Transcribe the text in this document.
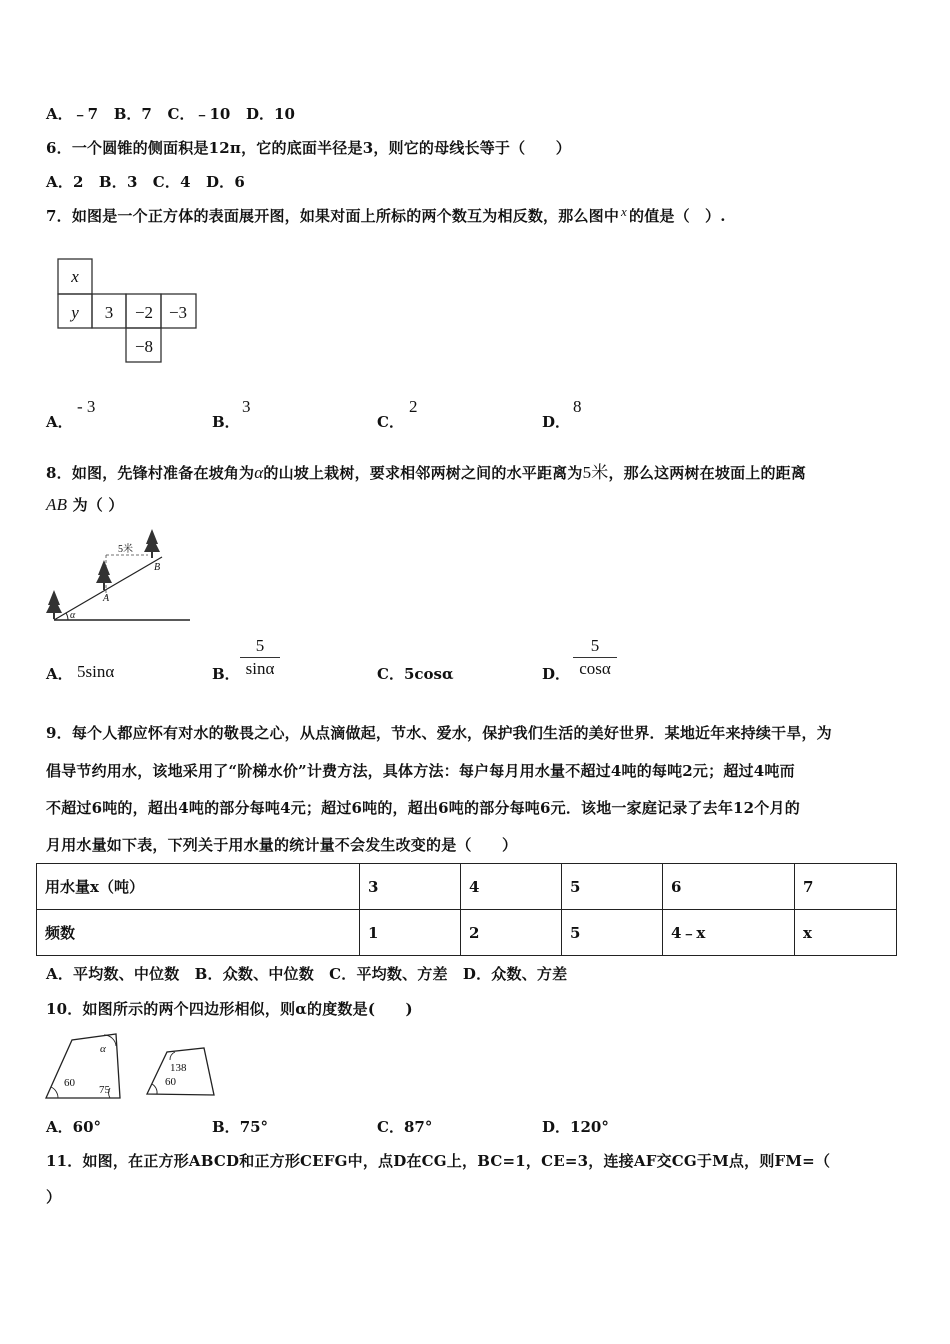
A．﹣7 B．7 C．﹣10 D．10
6．一个圆锥的侧面积是12π，它的底面半径是3，则它的母线长等于（　　）
A．2　B．3　C．4　D．6
7．如图是一个正方体的表面展开图，如果对面上所标的两个数互为相反数，那么图中 x 的值是（　）.
x
y 3 −2 −3
−8
A．
- 3
B．
3
C．
2
D．
8
8．如图，先锋村准备在坡角为α的山坡上栽树，要求相邻两树之间的水平距离为5米，那么这两树在坡面上的距离
AB 为（ ）
5米
A
B
α
A． 5sinα	B． $\frac{5}{\sin\alpha}$	C．5cosα	D． $\frac{5}{\cos\alpha}$
9．每个人都应怀有对水的敬畏之心，从点滴做起，节水、爱水，保护我们生活的美好世界．某地近年来持续干旱，为
倡导节约用水，该地采用了“阶梯水价”计费方法，具体方法：每户每月用水量不超过4吨的每吨2元；超过4吨而
不超过6吨的，超出4吨的部分每吨4元；超过6吨的，超出6吨的部分每吨6元．该地一家庭记录了去年12个月的
月用水量如下表，下列关于用水量的统计量不会发生改变的是（　　）
用水量x（吨）	3	4	5	6	7
频数	1	2	5	4﹣x	x
A．平均数、中位数　B．众数、中位数　C．平均数、方差　D．众数、方差
10．如图所示的两个四边形相似，则α的度数是(　　)
α
60
75
138
60
A．60°	B．75°	C．87°	D．120°
11．如图，在正方形ABCD和正方形CEFG中，点D在CG上，BC=1，CE=3，连接AF交CG于M点，则FM=（
）
